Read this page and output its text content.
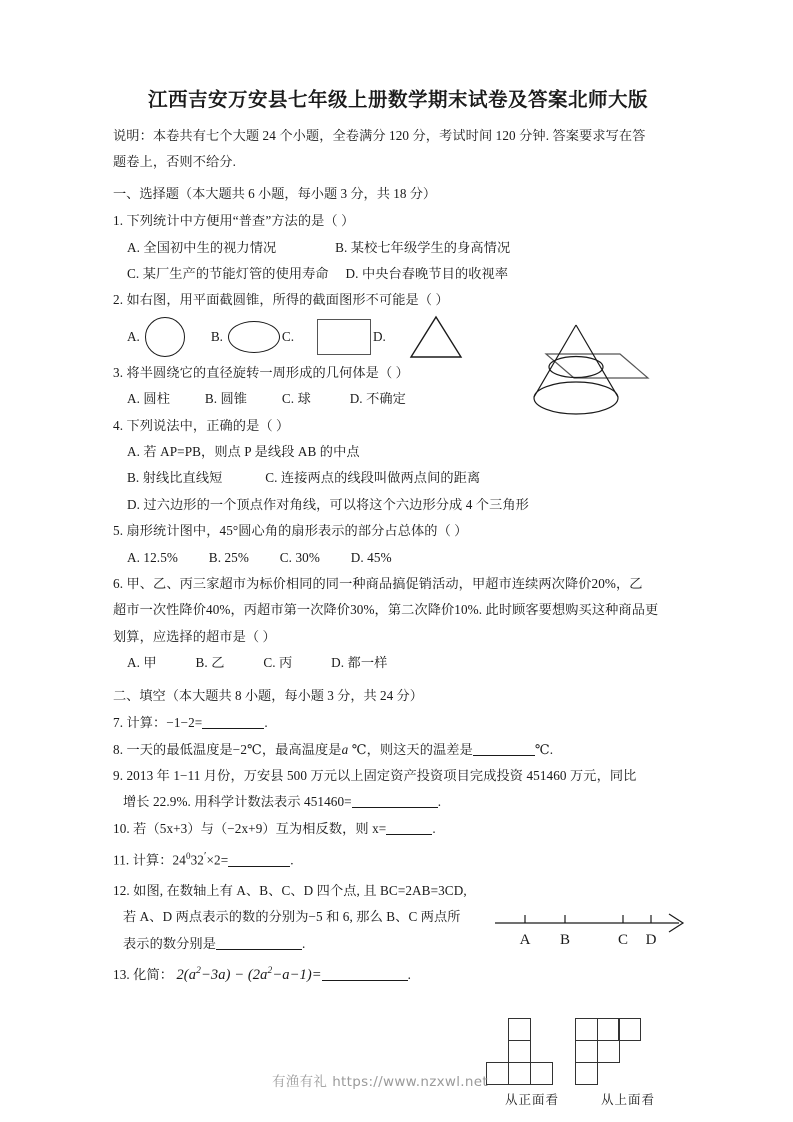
江西吉安万安县七年级上册数学期末试卷及答案北师大版

说明：本卷共有七个大题 24 个小题，全卷满分 120 分，考试时间 120 分钟. 答案要求写在答
题卷上，否则不给分.

一、选择题（本大题共 6 小题，每小题 3 分，共 18 分）

1. 下列统计中方便用“普查”方法的是（ ）

A. 全国初中生的视力情况	B. 某校七年级学生的身高情况

C. 某厂生产的节能灯管的使用寿命 D. 中央台春晚节目的收视率

2. 如右图，用平面截圆锥，所得的截面图形不可能是（ ）

A.	B.	C.	D.

3. 将半圆绕它的直径旋转一周形成的几何体是（ ）

A. 圆柱	B. 圆锥	C. 球	D. 不确定

4. 下列说法中，正确的是（ ）

A. 若 AP=PB，则点 P 是线段 AB 的中点

B. 射线比直线短	C. 连接两点的线段叫做两点间的距离

D. 过六边形的一个顶点作对角线，可以将这个六边形分成 4 个三角形

5. 扇形统计图中，45°圆心角的扇形表示的部分占总体的（ ）

A. 12.5% B. 25% C. 30% D. 45%

6. 甲、乙、丙三家超市为标价相同的同一种商品搞促销活动，甲超市连续两次降价20%，乙
超市一次性降价40%，丙超市第一次降价30%，第二次降价10%. 此时顾客要想购买这种商品更
划算，应选择的超市是（ ）

A. 甲	B. 乙	C. 丙	D. 都一样

二、填空（本大题共 8 小题，每小题 3 分，共 24 分）

7. 计算：−1−2=	.

8. 一天的最低温度是−2℃，最高温度是a ℃，则这天的温差是	℃.

9. 2013 年 1−11 月份，万安县 500 万元以上固定资产投资项目完成投资 451460 万元，同比
增长 22.9%. 用科学计数法表示 451460=	.

10. 若（5x+3）与（−2x+9）互为相反数，则 x=	.

11. 计算：$24^032'\times 2=$	.

12. 如图, 在数轴上有 A、B、C、D 四个点, 且 BC=2AB=3CD,
若 A、D 两点表示的数的分别为−5 和 6, 那么 B、C 两点所
表示的数分别是	.

13. 化简： $2(a^2-3a) - (2a^2-a-1)=$	.

A B	C D
从正面看	从上面看
有渔有礼 https://www.nzxwl.net
